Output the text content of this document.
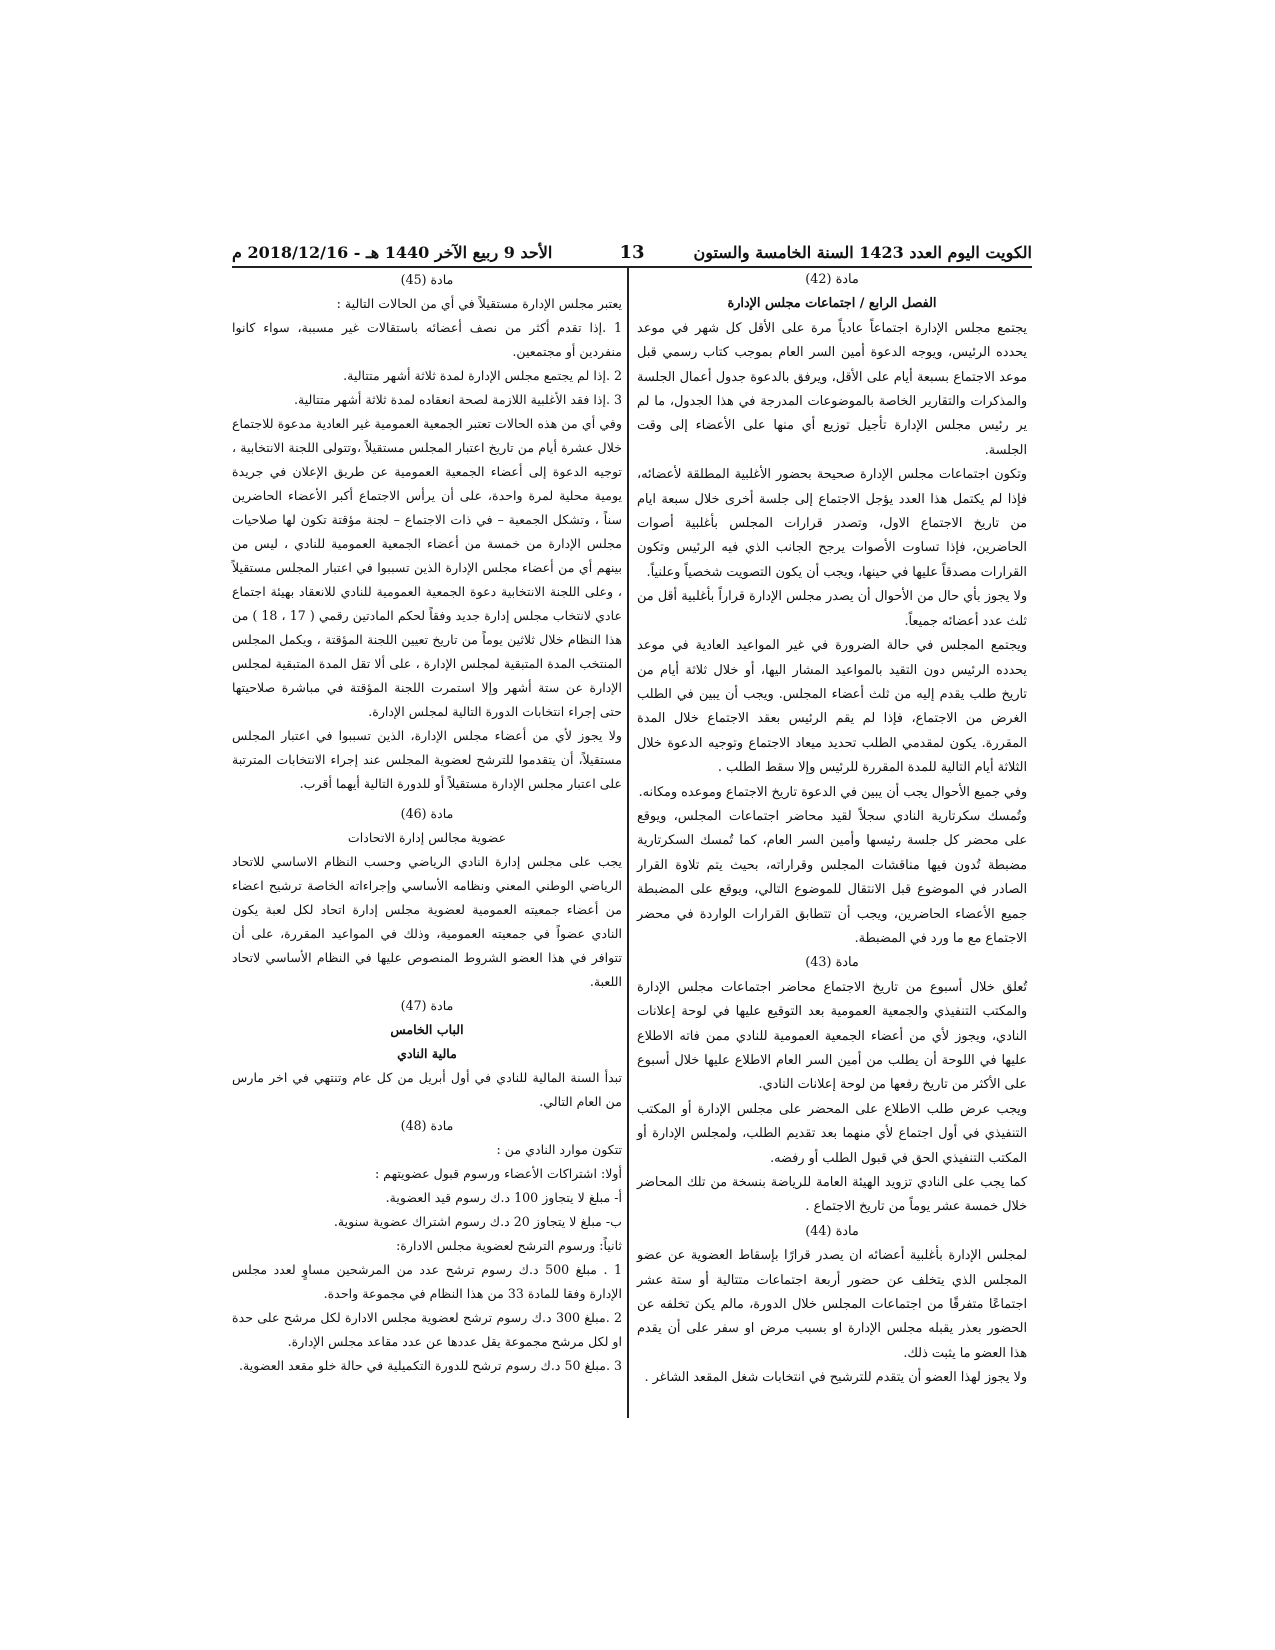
الكويت اليوم العدد 1423 السنة الخامسة والستون
13
الأحد 9 ربيع الآخر 1440 هـ - 2018/12/16 م

مادة (42)

الفصل الرابع / اجتماعات مجلس الإدارة

يجتمع مجلس الإدارة اجتماعاً عادياً مرة على الأقل كل شهر في موعد يحدده الرئيس، ويوجه الدعوة أمين السر العام بموجب كتاب رسمي قبل موعد الاجتماع بسبعة أيام على الأقل، ويرفق بالدعوة جدول أعمال الجلسة والمذكرات والتقارير الخاصة بالموضوعات المدرجة في هذا الجدول، ما لم ير رئيس مجلس الإدارة تأجيل توزيع أي منها على الأعضاء إلى وقت الجلسة.

وتكون اجتماعات مجلس الإدارة صحيحة بحضور الأغلبية المطلقة لأعضائه، فإذا لم يكتمل هذا العدد يؤجل الاجتماع إلى جلسة أخرى خلال سبعة ايام من تاريخ الاجتماع الاول، وتصدر قرارات المجلس بأغلبية أصوات الحاضرين، فإذا تساوت الأصوات يرجح الجانب الذي فيه الرئيس وتكون القرارات مصدقاً عليها في حينها، ويجب أن يكون التصويت شخصياً وعلنياً.

ولا يجوز بأي حال من الأحوال أن يصدر مجلس الإدارة قراراً بأغلبية أقل من ثلث عدد أعضائه جميعاً.

ويجتمع المجلس في حالة الضرورة في غير المواعيد العادية في موعد يحدده الرئيس دون التقيد بالمواعيد المشار اليها، أو خلال ثلاثة أيام من تاريخ طلب يقدم إليه من ثلث أعضاء المجلس. ويجب أن يبين في الطلب الغرض من الاجتماع، فإذا لم يقم الرئيس بعقد الاجتماع خلال المدة المقررة. يكون لمقدمي الطلب تحديد ميعاد الاجتماع وتوجيه الدعوة خلال الثلاثة أيام التالية للمدة المقررة للرئيس وإلا سقط الطلب .

وفي جميع الأحوال يجب أن يبين في الدعوة تاريخ الاجتماع وموعده ومكانه.

وتُمسك سكرتارية النادي سجلاً لقيد محاضر اجتماعات المجلس، ويوقع على محضر كل جلسة رئيسها وأمين السر العام، كما تُمسك السكرتارية مضبطة تُدون فيها مناقشات المجلس وقراراته، بحيث يتم تلاوة القرار الصادر في الموضوع قبل الانتقال للموضوع التالي، ويوقع على المضبطة جميع الأعضاء الحاضرين، ويجب أن تتطابق القرارات الواردة في محضر الاجتماع مع ما ورد في المضبطة.

مادة (43)

تُعلق خلال أسبوع من تاريخ الاجتماع محاضر اجتماعات مجلس الإدارة والمكتب التنفيذي والجمعية العمومية بعد التوقيع عليها في لوحة إعلانات النادي، ويجوز لأي من أعضاء الجمعية العمومية للنادي ممن فاته الاطلاع عليها في اللوحة أن يطلب من أمين السر العام الاطلاع عليها خلال أسبوع على الأكثر من تاريخ رفعها من لوحة إعلانات النادي.

ويجب عرض طلب الاطلاع على المحضر على مجلس الإدارة أو المكتب التنفيذي في أول اجتماع لأي منهما بعد تقديم الطلب، ولمجلس الإدارة أو المكتب التنفيذي الحق في قبول الطلب أو رفضه.

كما يجب على النادي تزويد الهيئة العامة للرياضة بنسخة من تلك المحاضر خلال خمسة عشر يوماً من تاريخ الاجتماع .

مادة (44)

لمجلس الإدارة بأغلبية أعضائه ان يصدر قرارًا بإسقاط العضوية عن عضو المجلس الذي يتخلف عن حضور أربعة اجتماعات متتالية أو ستة عشر اجتماعًا متفرقًا من اجتماعات المجلس خلال الدورة، مالم يكن تخلفه عن الحضور بعذر يقبله مجلس الإدارة او بسبب مرض او سفر على أن يقدم هذا العضو ما يثبت ذلك.

ولا يجوز لهذا العضو أن يتقدم للترشيح في انتخابات شغل المقعد الشاغر .

مادة (45)

يعتبر مجلس الإدارة مستقيلاً في أي من الحالات التالية :

1 .إذا تقدم أكثر من نصف أعضائه باستقالات غير مسببة، سواء كانوا منفردين أو مجتمعين.

2 .إذا لم يجتمع مجلس الإدارة لمدة ثلاثة أشهر متتالية.

3 .إذا فقد الأغلبية اللازمة لصحة انعقاده لمدة ثلاثة أشهر متتالية.

وفي أي من هذه الحالات تعتبر الجمعية العمومية غير العادية مدعوة للاجتماع خلال عشرة أيام من تاريخ اعتبار المجلس مستقيلاً ،وتتولى اللجنة الانتخابية ، توجيه الدعوة إلى أعضاء الجمعية العمومية عن طريق الإعلان في جريدة يومية محلية لمرة واحدة، على أن يرأس الاجتماع أكبر الأعضاء الحاضرين سناً ، وتشكل الجمعية – في ذات الاجتماع – لجنة مؤقتة تكون لها صلاحيات مجلس الإدارة من خمسة من أعضاء الجمعية العمومية للنادي ، ليس من بينهم أي من أعضاء مجلس الإدارة الذين تسببوا في اعتبار المجلس مستقيلاً ، وعلى اللجنة الانتخابية دعوة الجمعية العمومية للنادي للانعقاد بهيئة اجتماع عادي لانتخاب مجلس إدارة جديد وفقاً لحكم المادتين رقمي ( 17 ، 18 ) من هذا النظام خلال ثلاثين يوماً من تاريخ تعيين اللجنة المؤقتة ، ويكمل المجلس المنتخب المدة المتبقية لمجلس الإدارة ، على ألا تقل المدة المتبقية لمجلس الإدارة عن ستة أشهر وإلا استمرت اللجنة المؤقتة في مباشرة صلاحيتها حتى إجراء انتخابات الدورة التالية لمجلس الإدارة.

ولا يجوز لأي من أعضاء مجلس الإدارة، الذين تسببوا في اعتبار المجلس مستقيلاً، أن يتقدموا للترشح لعضوية المجلس عند إجراء الانتخابات المترتبة على اعتبار مجلس الإدارة مستقيلاً أو للدورة التالية أيهما أقرب.

مادة (46)

عضوية مجالس إدارة الاتحادات

يجب على مجلس إدارة النادي الرياضي وحسب النظام الاساسي للاتحاد الرياضي الوطني المعني ونظامه الأساسي وإجراءاته الخاصة ترشيح اعضاء من أعضاء جمعيته العمومية لعضوية مجلس إدارة اتحاد لكل لعبة يكون النادي عضواً في جمعيته العمومية، وذلك في المواعيد المقررة، على أن تتوافر في هذا العضو الشروط المنصوص عليها في النظام الأساسي لاتحاد اللعبة.

مادة (47)

الباب الخامس

مالية النادي

تبدأ السنة المالية للنادي في أول أبريل من كل عام وتنتهي في اخر مارس من العام التالي.

مادة (48)

تتكون موارد النادي من :

أولا: اشتراكات الأعضاء ورسوم قبول عضويتهم :

أ- مبلغ لا يتجاوز 100 د.ك رسوم قيد العضوية.

ب- مبلغ لا يتجاوز 20 د.ك رسوم اشتراك عضوية سنوية.

ثانياً: ورسوم الترشح لعضوية مجلس الادارة:

1 . مبلغ 500 د.ك رسوم ترشح عدد من المرشحين مساوٍ لعدد مجلس الإدارة وفقا للمادة 33 من هذا النظام في مجموعة واحدة.

2 .مبلغ 300 د.ك رسوم ترشح لعضوية مجلس الادارة لكل مرشح على حدة او لكل مرشح مجموعة يقل عددها عن عدد مقاعد مجلس الإدارة.

3 .مبلغ 50 د.ك رسوم ترشح للدورة التكميلية في حالة خلو مقعد العضوية.
